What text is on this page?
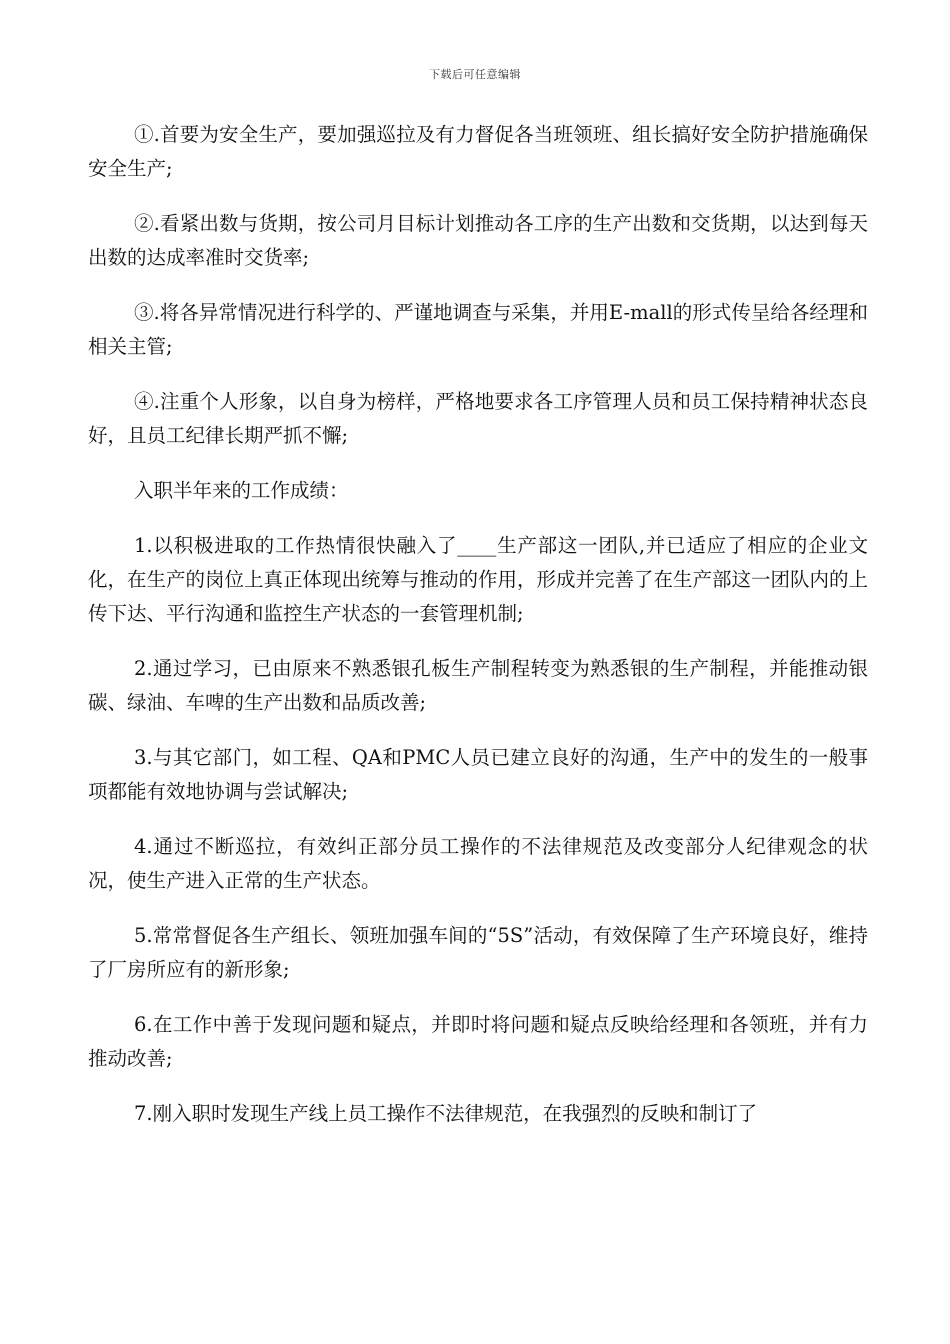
下载后可任意编辑

①.首要为安全生产，要加强巡拉及有力督促各当班领班、组长搞好安全防护措施确保安全生产;

②.看紧出数与货期，按公司月目标计划推动各工序的生产出数和交货期，以达到每天出数的达成率准时交货率;

③.将各异常情况进行科学的、严谨地调查与采集，并用E-mall的形式传呈给各经理和相关主管;

④.注重个人形象，以自身为榜样，严格地要求各工序管理人员和员工保持精神状态良好，且员工纪律长期严抓不懈;

入职半年来的工作成绩：

1.以积极进取的工作热情很快融入了____生产部这一团队,并已适应了相应的企业文化，在生产的岗位上真正体现出统筹与推动的作用，形成并完善了在生产部这一团队内的上传下达、平行沟通和监控生产状态的一套管理机制;

2.通过学习，已由原来不熟悉银孔板生产制程转变为熟悉银的生产制程，并能推动银碳、绿油、车啤的生产出数和品质改善;

3.与其它部门，如工程、QA和PMC人员已建立良好的沟通，生产中的发生的一般事项都能有效地协调与尝试解决;

4.通过不断巡拉，有效纠正部分员工操作的不法律规范及改变部分人纪律观念的状况，使生产进入正常的生产状态。

5.常常督促各生产组长、领班加强车间的“5S”活动，有效保障了生产环境良好，维持了厂房所应有的新形象;

6.在工作中善于发现问题和疑点，并即时将问题和疑点反映给经理和各领班，并有力推动改善;

7.刚入职时发现生产线上员工操作不法律规范，在我强烈的反映和制订了
